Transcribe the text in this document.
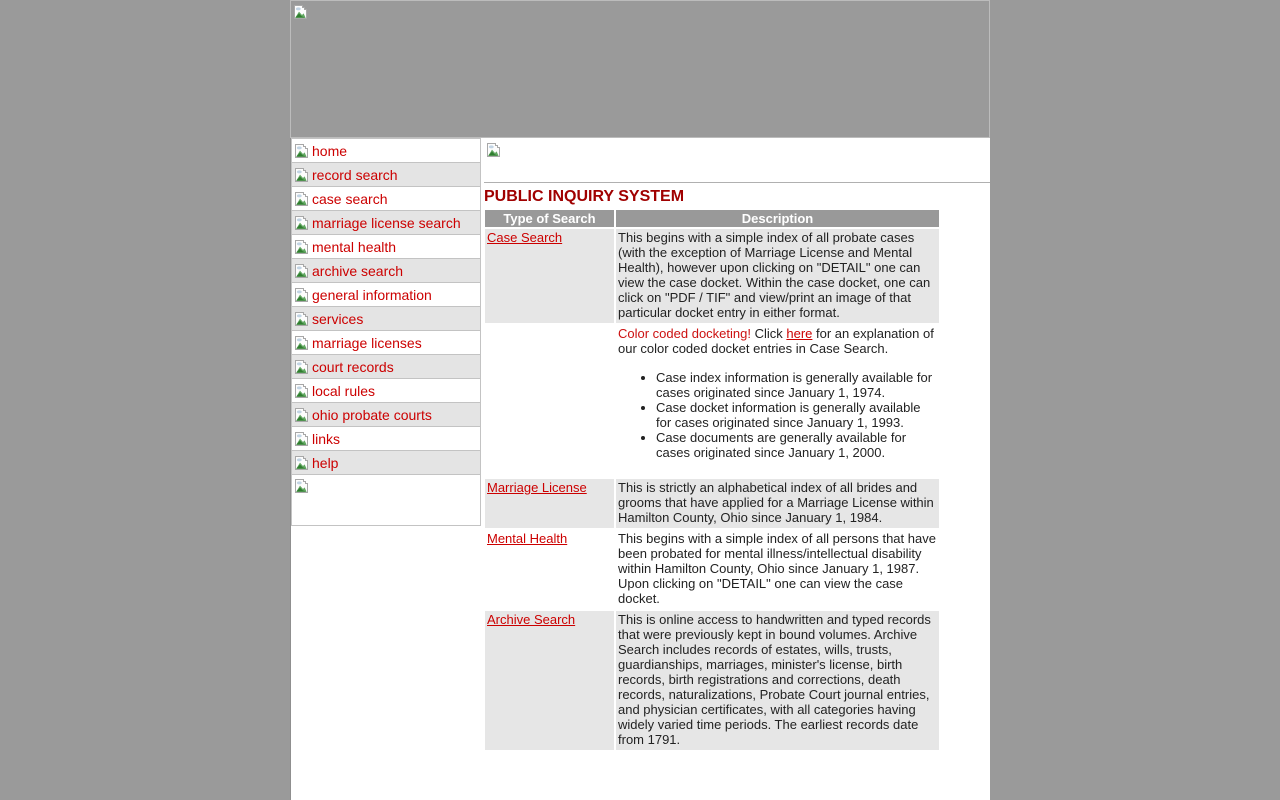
home
record search
case search
marriage license search
mental health
archive search
general information
services
marriage licenses
court records
local rules
ohio probate courts
links
help
PUBLIC INQUIRY SYSTEM
Type of Search	Description
Case Search	This begins with a simple index of all probate cases (with the exception of Marriage License and Mental Health), however upon clicking on "DETAIL" one can view the case docket. Within the case docket, one can click on "PDF / TIF" and view/print an image of that particular docket entry in either format.

Color coded docketing! Click here for an explanation of our color coded docket entries in Case Search.

• Case index information is generally available for cases originated since January 1, 1974.
• Case docket information is generally available for cases originated since January 1, 1993.
• Case documents are generally available for cases originated since January 1, 2000.

Marriage License	This is strictly an alphabetical index of all brides and grooms that have applied for a Marriage License within Hamilton County, Ohio since January 1, 1984.
Mental Health	This begins with a simple index of all persons that have been probated for mental illness/intellectual disability within Hamilton County, Ohio since January 1, 1987. Upon clicking on "DETAIL" one can view the case docket.
Archive Search	This is online access to handwritten and typed records that were previously kept in bound volumes. Archive Search includes records of estates, wills, trusts, guardianships, marriages, minister's license, birth records, birth registrations and corrections, death records, naturalizations, Probate Court journal entries, and physician certificates, with all categories having widely varied time periods. The earliest records date from 1791.
